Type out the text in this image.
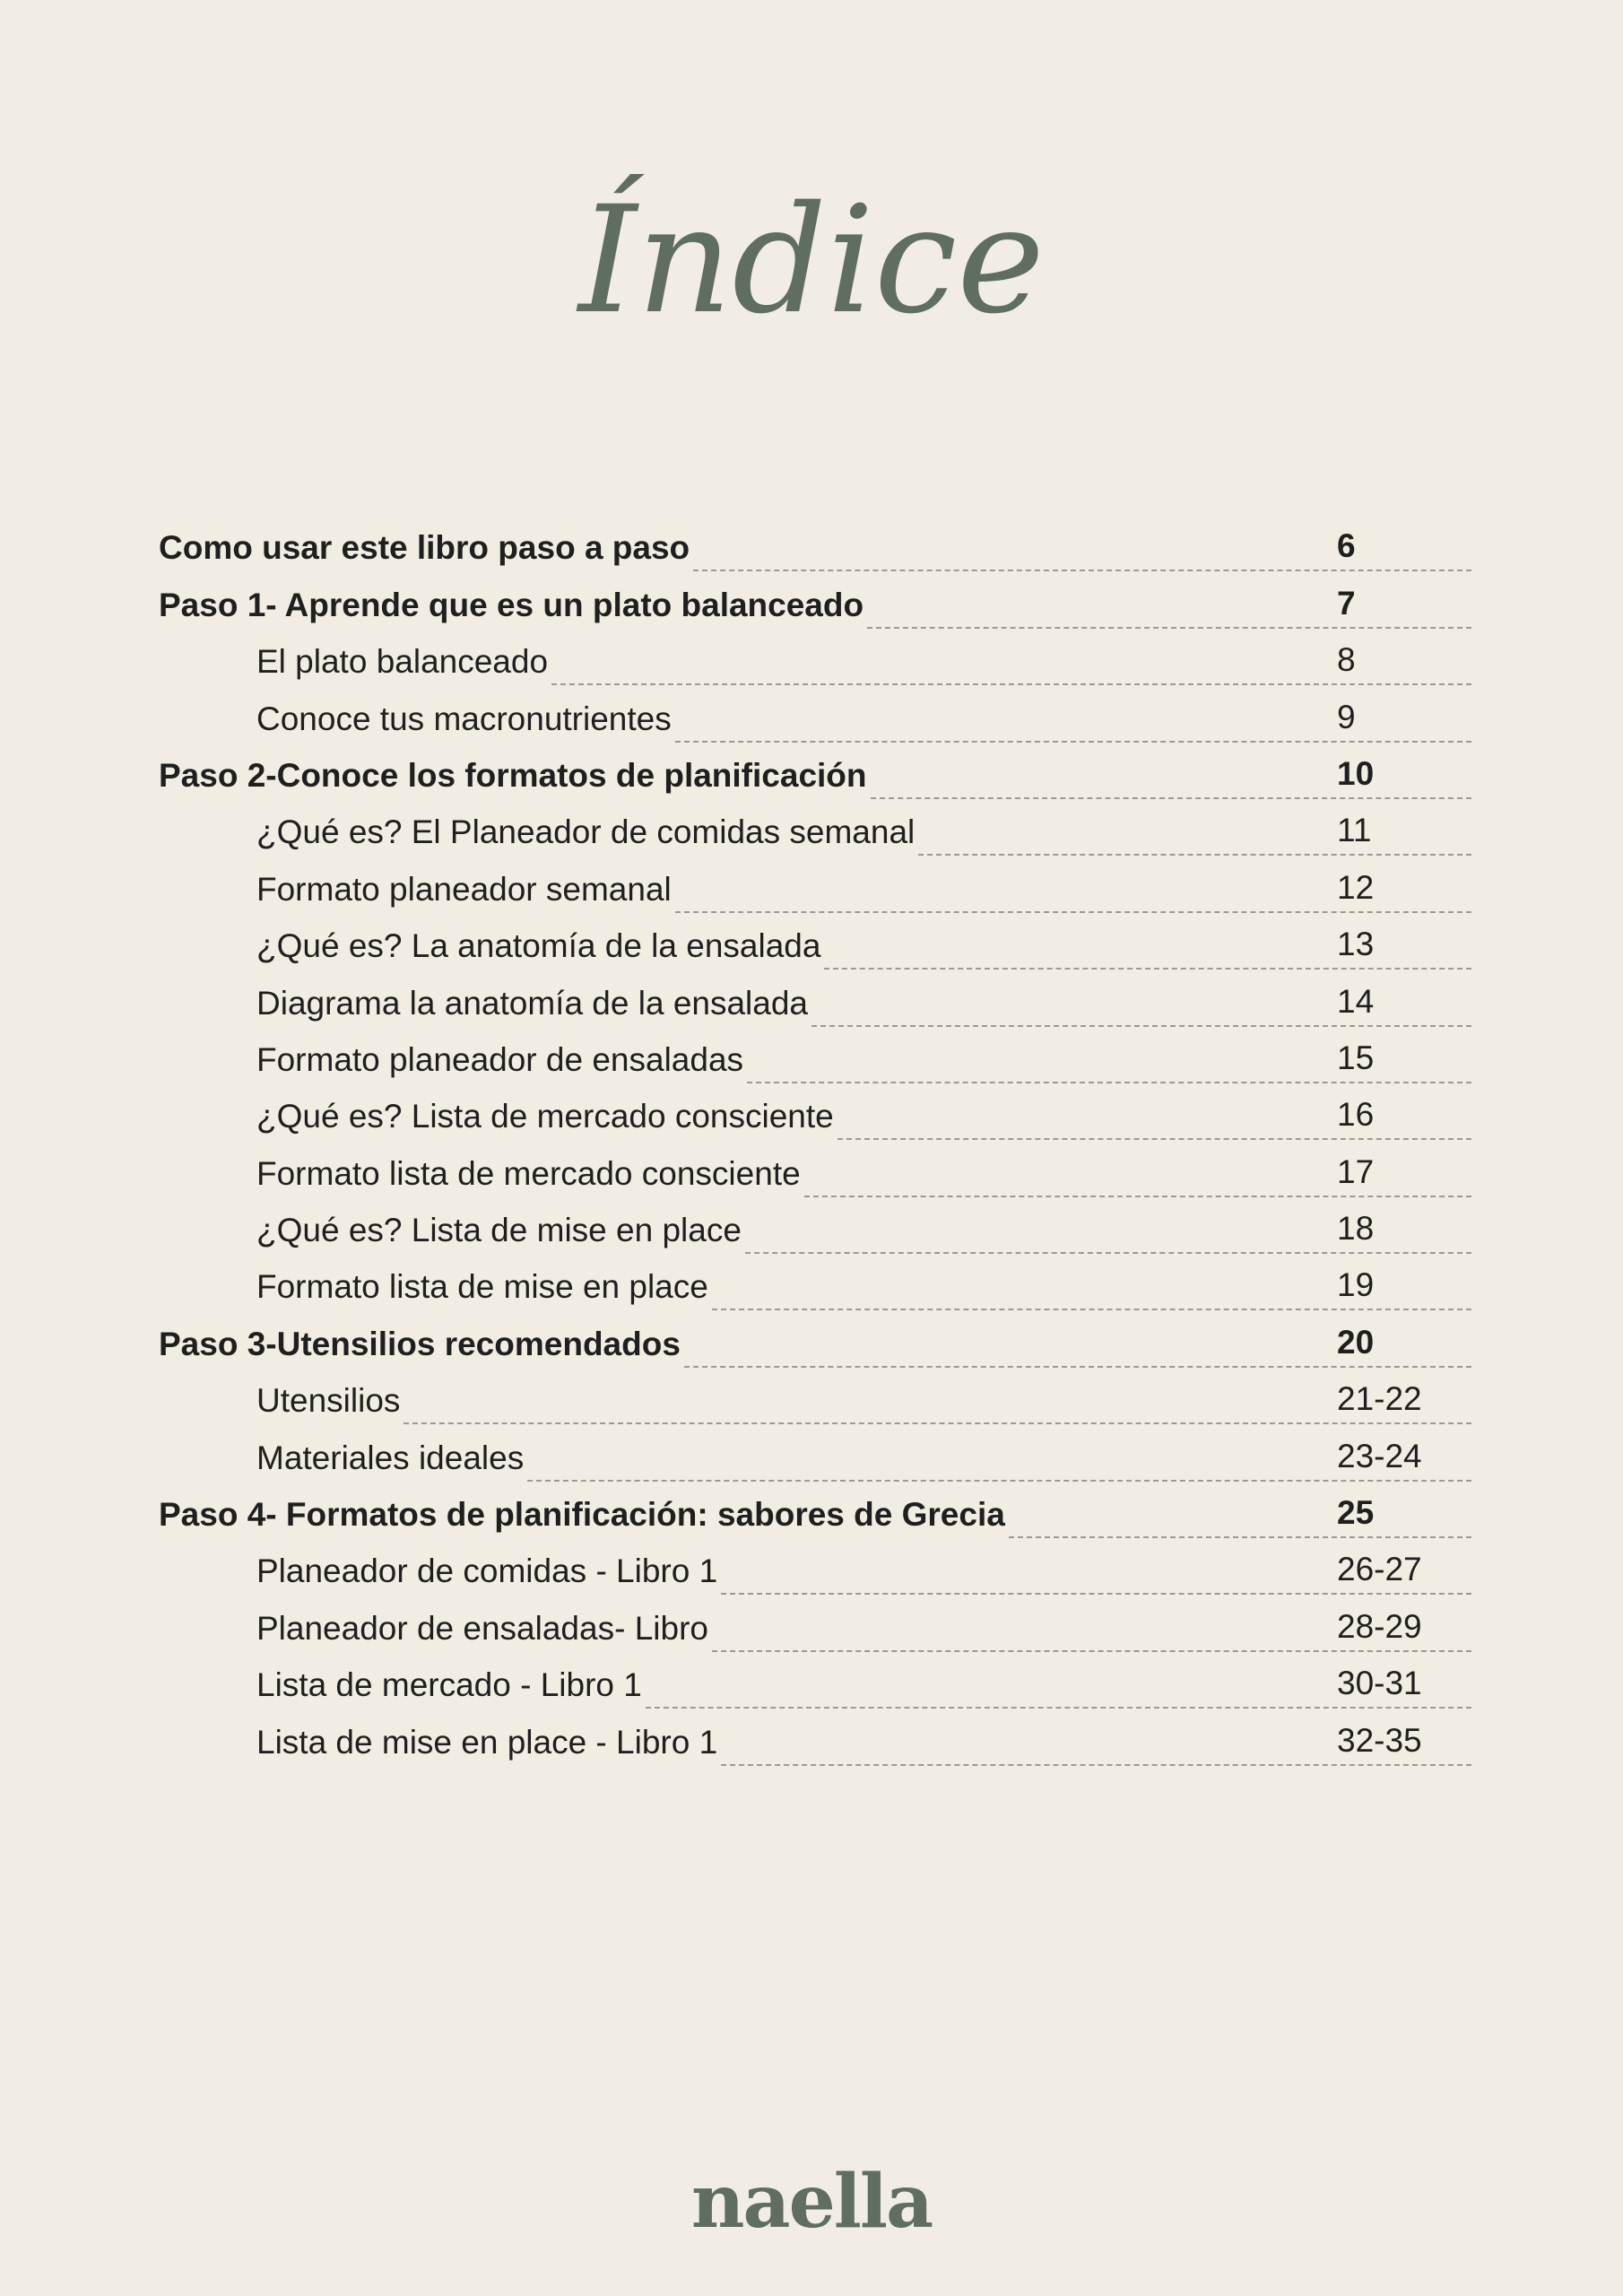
Índice
Como usar este libro paso a paso	6
Paso 1- Aprende que es un plato balanceado	7
El plato balanceado	8
Conoce tus macronutrientes	9
Paso 2-Conoce los formatos de planificación	10
¿Qué es? El Planeador de comidas semanal	11
Formato planeador semanal	12
¿Qué es? La anatomía de la ensalada	13
Diagrama la anatomía de la ensalada	14
Formato planeador de ensaladas	15
¿Qué es? Lista de mercado consciente	16
Formato lista de mercado consciente	17
¿Qué es? Lista de mise en place	18
Formato lista de mise en place	19
Paso 3-Utensilios recomendados	20
Utensilios	21-22
Materiales ideales	23-24
Paso 4- Formatos de planificación: sabores de Grecia	25
Planeador de comidas - Libro 1	26-27
Planeador de ensaladas- Libro	28-29
Lista de mercado - Libro 1	30-31
Lista de mise en place - Libro 1	32-35
naella
